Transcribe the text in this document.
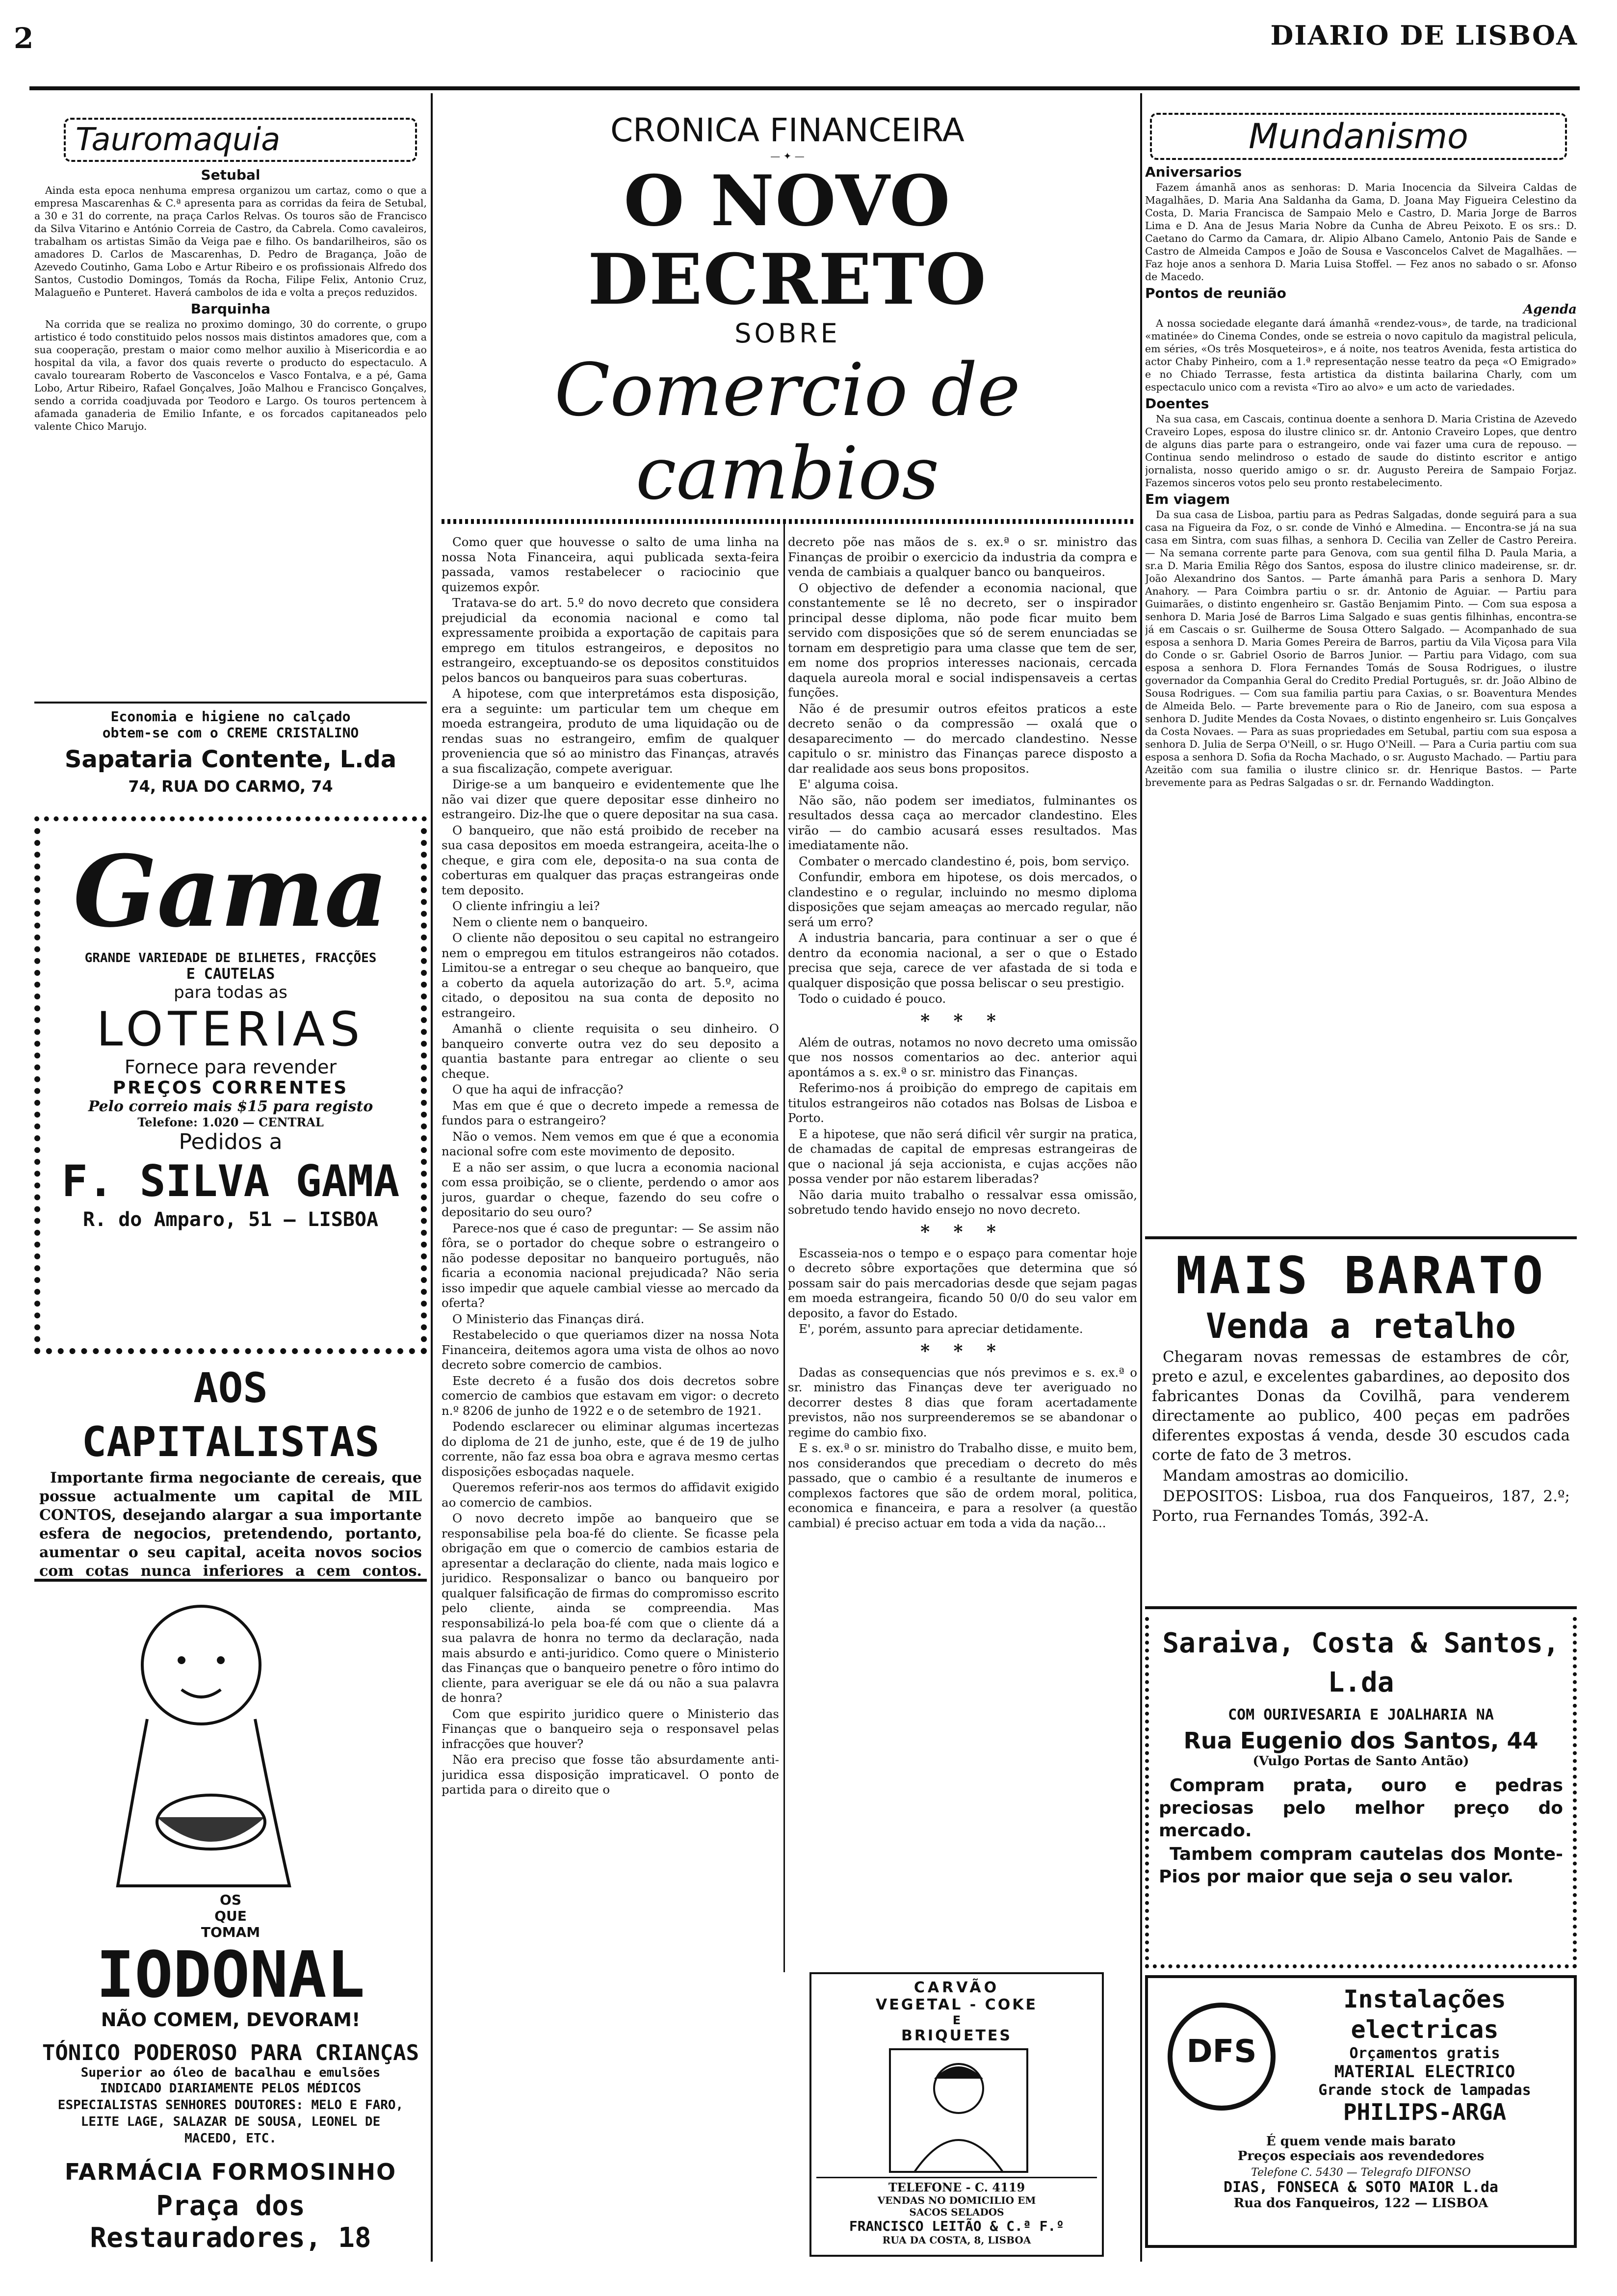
2	DIARIO DE LISBOA
Tauromaquia
Setubal

Ainda esta epoca nenhuma empresa organizou um cartaz, como o que a empresa Mascarenhas & C.ª apresenta para as corridas da feira de Setubal, a 30 e 31 do corrente, na praça Carlos Relvas. Os touros são de Francisco da Silva Vitarino e António Correia de Castro, da Cabrela. Como cavaleiros, trabalham os artistas Simão da Veiga pae e filho. Os bandarilheiros, são os amadores D. Carlos de Mascarenhas, D. Pedro de Bragança, João de Azevedo Coutinho, Gama Lobo e Artur Ribeiro e os profissionais Alfredo dos Santos, Custodio Domingos, Tomás da Rocha, Filipe Felix, Antonio Cruz, Malagueño e Punteret. Haverá cambolos de ida e volta a preços reduzidos.

Barquinha

Na corrida que se realiza no proximo domingo, 30 do corrente, o grupo artistico é todo constituido pelos nossos mais distintos amadores que, com a sua cooperação, prestam o maior como melhor auxilio à Misericordia e ao hospital da vila, a favor dos quais reverte o producto do espectaculo. A cavalo tourearam Roberto de Vasconcelos e Vasco Fontalva, e a pé, Gama Lobo, Artur Ribeiro, Rafael Gonçalves, João Malhou e Francisco Gonçalves, sendo a corrida coadjuvada por Teodoro e Largo. Os touros pertencem à afamada ganaderia de Emilio Infante, e os forcados capitaneados pelo valente Chico Marujo.

Economia e higiene no calçado
obtem-se com o CREME CRISTALINO
Sapataria Contente, L.da
74, RUA DO CARMO, 74
Gama
GRANDE VARIEDADE DE BILHETES, FRACÇÕES
E CAUTELAS
para todas as
LOTERIAS
Fornece para revender
PREÇOS CORRENTES
Pelo correio mais $15 para registo
Telefone: 1.020 — CENTRAL
Pedidos a
F. SILVA GAMA
R. do Amparo, 51 — LISBOA
AOS CAPITALISTAS

Importante firma negociante de cereais, que possue actualmente um capital de MIL CONTOS, desejando alargar a sua importante esfera de negocios, pretendendo, portanto, aumentar o seu capital, aceita novos socios com cotas nunca inferiores a cem contos.

OS
QUE
TOMAM
IODONAL
NÃO COMEM, DEVORAM!
TÓNICO PODEROSO PARA CRIANÇAS
Superior ao óleo de bacalhau e emulsões
INDICADO DIARIAMENTE PELOS MÉDICOS ESPECIALISTAS SENHORES DOUTORES: MELO E FARO, LEITE LAGE, SALAZAR DE SOUSA, LEONEL DE MACEDO, ETC.
FARMÁCIA FORMOSINHO
Praça dos Restauradores, 18
CRONICA FINANCEIRA
— ✦ —
O NOVO DECRETO
SOBRE
Comercio de cambios

Como quer que houvesse o salto de uma linha na nossa Nota Financeira, aqui publicada sexta-feira passada, vamos restabelecer o raciocinio que quizemos expôr.

Tratava-se do art. 5.º do novo decreto que considera prejudicial da economia nacional e como tal expressamente proibida a exportação de capitais para emprego em titulos estrangeiros, e depositos no estrangeiro, exceptuando-se os depositos constituidos pelos bancos ou banqueiros para suas coberturas.

A hipotese, com que interpretámos esta disposição, era a seguinte: um particular tem um cheque em moeda estrangeira, produto de uma liquidação ou de rendas suas no estrangeiro, emfim de qualquer proveniencia que só ao ministro das Finanças, através a sua fiscalização, compete averiguar.

Dirige-se a um banqueiro e evidentemente que lhe não vai dizer que quere depositar esse dinheiro no estrangeiro. Diz-lhe que o quere depositar na sua casa.

O banqueiro, que não está proibido de receber na sua casa depositos em moeda estrangeira, aceita-lhe o cheque, e gira com ele, deposita-o na sua conta de coberturas em qualquer das praças estrangeiras onde tem deposito.

O cliente infringiu a lei?

Nem o cliente nem o banqueiro.

O cliente não depositou o seu capital no estrangeiro nem o empregou em titulos estrangeiros não cotados. Limitou-se a entregar o seu cheque ao banqueiro, que a coberto da aquela autorização do art. 5.º, acima citado, o depositou na sua conta de deposito no estrangeiro.

Amanhã o cliente requisita o seu dinheiro. O banqueiro converte outra vez do seu deposito a quantia bastante para entregar ao cliente o seu cheque.

O que ha aqui de infracção?

Mas em que é que o decreto impede a remessa de fundos para o estrangeiro?

Não o vemos. Nem vemos em que é que a economia nacional sofre com este movimento de deposito.

E a não ser assim, o que lucra a economia nacional com essa proibição, se o cliente, perdendo o amor aos juros, guardar o cheque, fazendo do seu cofre o depositario do seu ouro?

Parece-nos que é caso de preguntar: — Se assim não fôra, se o portador do cheque sobre o estrangeiro o não podesse depositar no banqueiro português, não ficaria a economia nacional prejudicada? Não seria isso impedir que aquele cambial viesse ao mercado da oferta?

O Ministerio das Finanças dirá.

Restabelecido o que queriamos dizer na nossa Nota Financeira, deitemos agora uma vista de olhos ao novo decreto sobre comercio de cambios.

Este decreto é a fusão dos dois decretos sobre comercio de cambios que estavam em vigor: o decreto n.º 8206 de junho de 1922 e o de setembro de 1921.

Podendo esclarecer ou eliminar algumas incertezas do diploma de 21 de junho, este, que é de 19 de julho corrente, não faz essa boa obra e agrava mesmo certas disposições esboçadas naquele.

Queremos referir-nos aos termos do affidavit exigido ao comercio de cambios.

O novo decreto impõe ao banqueiro que se responsabilise pela boa-fé do cliente. Se ficasse pela obrigação em que o comercio de cambios estaria de apresentar a declaração do cliente, nada mais logico e juridico. Responsalizar o banco ou banqueiro por qualquer falsificação de firmas do compromisso escrito pelo cliente, ainda se compreendia. Mas responsabilizá-lo pela boa-fé com que o cliente dá a sua palavra de honra no termo da declaração, nada mais absurdo e anti-juridico. Como quere o Ministerio das Finanças que o banqueiro penetre o fôro intimo do cliente, para averiguar se ele dá ou não a sua palavra de honra?

Com que espirito juridico quere o Ministerio das Finanças que o banqueiro seja o responsavel pelas infracções que houver?

Não era preciso que fosse tão absurdamente anti-juridica essa disposição impraticavel. O ponto de partida para o direito que o

decreto põe nas mãos de s. ex.ª o sr. ministro das Finanças de proibir o exercicio da industria da compra e venda de cambiais a qualquer banco ou banqueiros.

O objectivo de defender a economia nacional, que constantemente se lê no decreto, ser o inspirador principal desse diploma, não pode ficar muito bem servido com disposições que só de serem enunciadas se tornam em despretigio para uma classe que tem de ser, em nome dos proprios interesses nacionais, cercada daquela aureola moral e social indispensaveis a certas funções.

Não é de presumir outros efeitos praticos a este decreto senão o da compressão — oxalá que o desaparecimento — do mercado clandestino. Nesse capitulo o sr. ministro das Finanças parece disposto a dar realidade aos seus bons propositos.

E' alguma coisa.

Não são, não podem ser imediatos, fulminantes os resultados dessa caça ao mercador clandestino. Eles virão — do cambio acusará esses resultados. Mas imediatamente não.

Combater o mercado clandestino é, pois, bom serviço.

Confundir, embora em hipotese, os dois mercados, o clandestino e o regular, incluindo no mesmo diploma disposições que sejam ameaças ao mercado regular, não será um erro?

A industria bancaria, para continuar a ser o que é dentro da economia nacional, a ser o que o Estado precisa que seja, carece de ver afastada de si toda e qualquer disposição que possa beliscar o seu prestigio.

Todo o cuidado é pouco.

* * *

Além de outras, notamos no novo decreto uma omissão que nos nossos comentarios ao dec. anterior aqui apontámos a s. ex.ª o sr. ministro das Finanças.

Referimo-nos á proibição do emprego de capitais em titulos estrangeiros não cotados nas Bolsas de Lisboa e Porto.

E a hipotese, que não será dificil vêr surgir na pratica, de chamadas de capital de empresas estrangeiras de que o nacional já seja accionista, e cujas acções não possa vender por não estarem liberadas?

Não daria muito trabalho o ressalvar essa omissão, sobretudo tendo havido ensejo no novo decreto.

* * *

Escasseia-nos o tempo e o espaço para comentar hoje o decreto sôbre exportações que determina que só possam sair do pais mercadorias desde que sejam pagas em moeda estrangeira, ficando 50 0/0 do seu valor em deposito, a favor do Estado.

E', porém, assunto para apreciar detidamente.

* * *

Dadas as consequencias que nós previmos e s. ex.ª o sr. ministro das Finanças deve ter averiguado no decorrer destes 8 dias que foram acertadamente previstos, não nos surpreenderemos se se abandonar o regime do cambio fixo.

E s. ex.ª o sr. ministro do Trabalho disse, e muito bem, nos considerandos que precediam o decreto do mês passado, que o cambio é a resultante de inumeros e complexos factores que são de ordem moral, politica, economica e financeira, e para a resolver (a questão cambial) é preciso actuar em toda a vida da nação...

CARVÃO
VEGETAL - COKE
E
BRIQUETES
TELEFONE - C. 4119
VENDAS NO DOMICILIO EM
SACOS SELADOS
FRANCISCO LEITÃO & C.ª F.º
RUA DA COSTA, 8, LISBOA
Mundanismo
Aniversarios

Fazem ámanhã anos as senhoras: D. Maria Inocencia da Silveira Caldas de Magalhães, D. Maria Ana Saldanha da Gama, D. Joana May Figueira Celestino da Costa, D. Maria Francisca de Sampaio Melo e Castro, D. Maria Jorge de Barros Lima e D. Ana de Jesus Maria Nobre da Cunha de Abreu Peixoto. E os srs.: D. Caetano do Carmo da Camara, dr. Alipio Albano Camelo, Antonio Pais de Sande e Castro de Almeida Campos e João de Sousa e Vasconcelos Calvet de Magalhães. — Faz hoje anos a senhora D. Maria Luisa Stoffel. — Fez anos no sabado o sr. Afonso de Macedo.

Pontos de reunião
Agenda

A nossa sociedade elegante dará ámanhã «rendez-vous», de tarde, na tradicional «matinée» do Cinema Condes, onde se estreia o novo capitulo da magistral pelicula, em séries, «Os três Mosqueteiros», e á noite, nos teatros Avenida, festa artistica do actor Chaby Pinheiro, com a 1.ª representação nesse teatro da peça «O Emigrado» e no Chiado Terrasse, festa artistica da distinta bailarina Charly, com um espectaculo unico com a revista «Tiro ao alvo» e um acto de variedades.

Doentes

Na sua casa, em Cascais, continua doente a senhora D. Maria Cristina de Azevedo Craveiro Lopes, esposa do ilustre clinico sr. dr. Antonio Craveiro Lopes, que dentro de alguns dias parte para o estrangeiro, onde vai fazer uma cura de repouso. — Continua sendo melindroso o estado de saude do distinto escritor e antigo jornalista, nosso querido amigo o sr. dr. Augusto Pereira de Sampaio Forjaz. Fazemos sinceros votos pelo seu pronto restabelecimento.

Em viagem

Da sua casa de Lisboa, partiu para as Pedras Salgadas, donde seguirá para a sua casa na Figueira da Foz, o sr. conde de Vinhó e Almedina. — Encontra-se já na sua casa em Sintra, com suas filhas, a senhora D. Cecilia van Zeller de Castro Pereira. — Na semana corrente parte para Genova, com sua gentil filha D. Paula Maria, a sr.a D. Maria Emilia Rêgo dos Santos, esposa do ilustre clinico madeirense, sr. dr. João Alexandrino dos Santos. — Parte ámanhã para Paris a senhora D. Mary Anahory. — Para Coimbra partiu o sr. dr. Antonio de Aguiar. — Partiu para Guimarães, o distinto engenheiro sr. Gastão Benjamim Pinto. — Com sua esposa a senhora D. Maria José de Barros Lima Salgado e suas gentis filhinhas, encontra-se já em Cascais o sr. Guilherme de Sousa Ottero Salgado. — Acompanhado de sua esposa a senhora D. Maria Gomes Pereira de Barros, partiu da Vila Viçosa para Vila do Conde o sr. Gabriel Osorio de Barros Junior. — Partiu para Vidago, com sua esposa a senhora D. Flora Fernandes Tomás de Sousa Rodrigues, o ilustre governador da Companhia Geral do Credito Predial Português, sr. dr. João Albino de Sousa Rodrigues. — Com sua familia partiu para Caxias, o sr. Boaventura Mendes de Almeida Belo. — Parte brevemente para o Rio de Janeiro, com sua esposa a senhora D. Judite Mendes da Costa Novaes, o distinto engenheiro sr. Luis Gonçalves da Costa Novaes. — Para as suas propriedades em Setubal, partiu com sua esposa a senhora D. Julia de Serpa O'Neill, o sr. Hugo O'Neill. — Para a Curia partiu com sua esposa a senhora D. Sofia da Rocha Machado, o sr. Augusto Machado. — Partiu para Azeitão com sua familia o ilustre clinico sr. dr. Henrique Bastos. — Parte brevemente para as Pedras Salgadas o sr. dr. Fernando Waddington.

MAIS BARATO
Venda a retalho

Chegaram novas remessas de estambres de côr, preto e azul, e excelentes gabardines, ao deposito dos fabricantes Donas da Covilhã, para venderem directamente ao publico, 400 peças em padrões diferentes expostas á venda, desde 30 escudos cada corte de fato de 3 metros.

Mandam amostras ao domicilio.

DEPOSITOS: Lisboa, rua dos Fanqueiros, 187, 2.º; Porto, rua Fernandes Tomás, 392-A.

Saraiva, Costa & Santos, L.da
COM OURIVESARIA E JOALHARIA NA
Rua Eugenio dos Santos, 44
(Vulgo Portas de Santo Antão)

Compram prata, ouro e pedras preciosas pelo melhor preço do mercado.

Tambem compram cautelas dos Monte-Pios por maior que seja o seu valor.

DFS
Instalações electricas
Orçamentos gratis
MATERIAL ELECTRICO
Grande stock de lampadas
PHILIPS-ARGA
É quem vende mais barato
Preços especiais aos revendedores
Telefone C. 5430 — Telegrafo DIFONSO
DIAS, FONSECA & SOTO MAIOR L.da
Rua dos Fanqueiros, 122 — LISBOA
